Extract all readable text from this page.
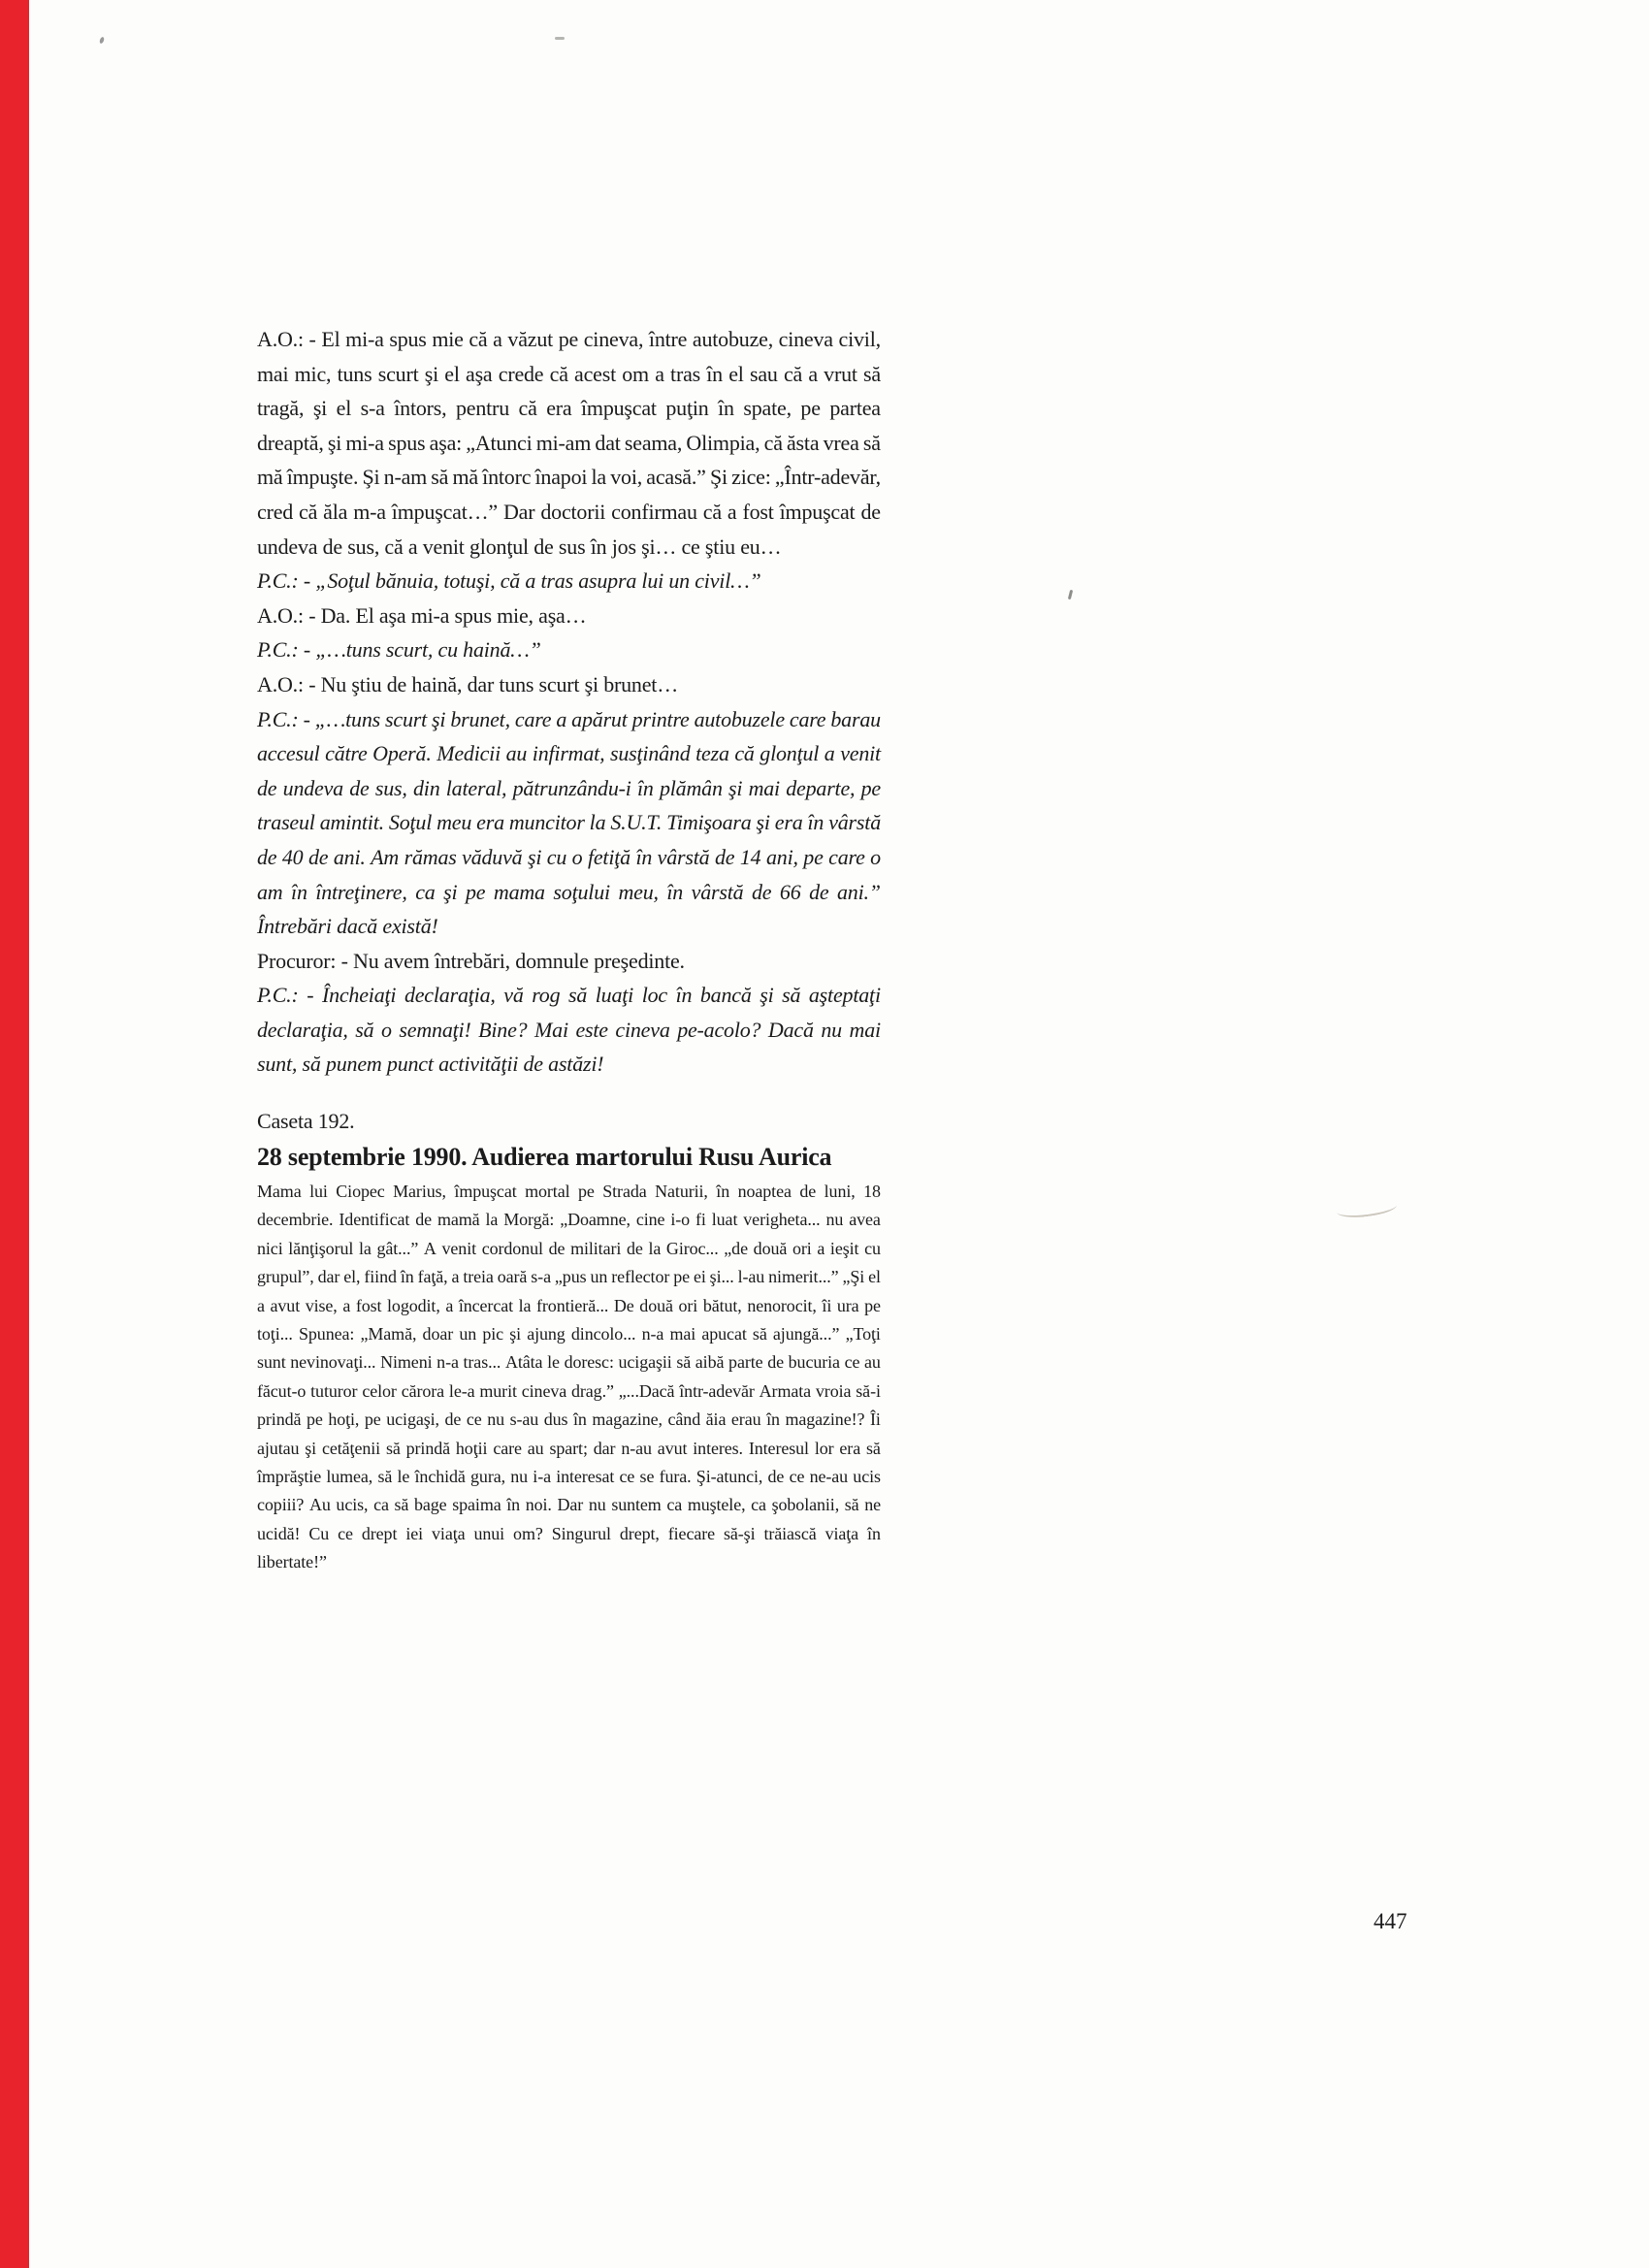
A.O.: - El mi-a spus mie că a văzut pe cineva, între autobuze, cineva civil,
mai mic, tuns scurt şi el aşa crede că acest om a tras în el sau că a vrut să
tragă, şi el s-a întors, pentru că era împuşcat puţin în spate, pe partea
dreaptă, şi mi-a spus aşa: „Atunci mi-am dat seama, Olimpia, că ăsta vrea să
mă împuşte. Şi n-am să mă întorc înapoi la voi, acasă.” Şi zice: „Într-adevăr,
cred că ăla m-a împuşcat…” Dar doctorii confirmau că a fost împuşcat de
undeva de sus, că a venit glonţul de sus în jos şi… ce ştiu eu…
P.C.: - „Soţul bănuia, totuşi, că a tras asupra lui un civil…”
A.O.: - Da. El aşa mi-a spus mie, aşa…
P.C.: - „…tuns scurt, cu haină…”
A.O.: - Nu ştiu de haină, dar tuns scurt şi brunet…
P.C.: - „…tuns scurt şi brunet, care a apărut printre autobuzele care barau
accesul către Operă. Medicii au infirmat, susţinând teza că glonţul a venit
de undeva de sus, din lateral, pătrunzându-i în plămân şi mai departe, pe
traseul amintit. Soţul meu era muncitor la S.U.T. Timişoara şi era în vârstă
de 40 de ani. Am rămas văduvă şi cu o fetiţă în vârstă de 14 ani, pe care o
am în întreţinere, ca şi pe mama soţului meu, în vârstă de 66 de ani.”
Întrebări dacă există!
Procuror: - Nu avem întrebări, domnule preşedinte.
P.C.: - Încheiaţi declaraţia, vă rog să luaţi loc în bancă şi să aşteptaţi
declaraţia, să o semnaţi! Bine? Mai este cineva pe-acolo? Dacă nu mai
sunt, să punem punct activităţii de astăzi!

Caseta 192.

28 septembrie 1990. Audierea martorului Rusu Aurica
Mama lui Ciopec Marius, împuşcat mortal pe Strada Naturii, în noaptea de luni, 18
decembrie. Identificat de mamă la Morgă: „Doamne, cine i-o fi luat verigheta... nu avea
nici lănţişorul la gât...” A venit cordonul de militari de la Giroc... „de două ori a ieşit cu
grupul”, dar el, fiind în faţă, a treia oară s-a „pus un reflector pe ei şi... l-au nimerit...” „Şi el
a avut vise, a fost logodit, a încercat la frontieră... De două ori bătut, nenorocit, îi ura pe
toţi... Spunea: „Mamă, doar un pic şi ajung dincolo... n-a mai apucat să ajungă...” „Toţi
sunt nevinovaţi... Nimeni n-a tras... Atâta le doresc: ucigaşii să aibă parte de bucuria ce au
făcut-o tuturor celor cărora le-a murit cineva drag.” „...Dacă într-adevăr Armata vroia să-i
prindă pe hoţi, pe ucigaşi, de ce nu s-au dus în magazine, când ăia erau în magazine!? Îi
ajutau şi cetăţenii să prindă hoţii care au spart; dar n-au avut interes. Interesul lor era să
împrăştie lumea, să le închidă gura, nu i-a interesat ce se fura. Şi-atunci, de ce ne-au ucis
copiii? Au ucis, ca să bage spaima în noi. Dar nu suntem ca muştele, ca şobolanii, să ne
ucidă! Cu ce drept iei viaţa unui om? Singurul drept, fiecare să-şi trăiască viaţa în
libertate!”
447
